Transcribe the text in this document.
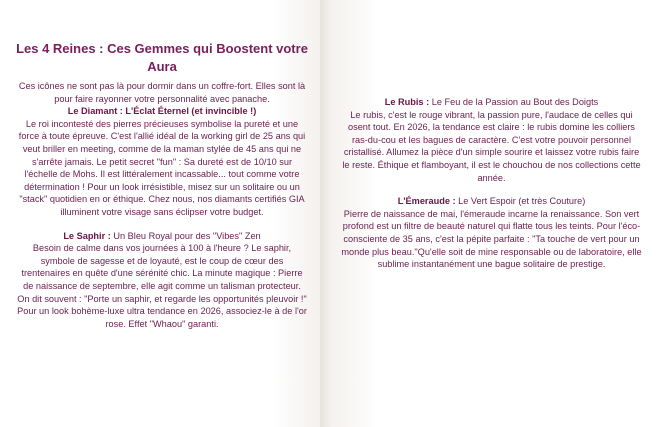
Les 4 Reines : Ces Gemmes qui Boostent votre Aura

Ces icônes ne sont pas là pour dormir dans un coffre-fort. Elles sont là pour faire rayonner votre personnalité avec panache.

Le Diamant : L'Éclat Éternel (et invincible !)

Le roi incontesté des pierres précieuses symbolise la pureté et une force à toute épreuve. C'est l'allié idéal de la working girl de 25 ans qui veut briller en meeting, comme de la maman stylée de 45 ans qui ne s'arrête jamais. Le petit secret "fun" : Sa dureté est de 10/10 sur l'échelle de Mohs. Il est littéralement incassable... tout comme votre détermination ! Pour un look irrésistible, misez sur un solitaire ou un "stack" quotidien en or éthique. Chez nous, nos diamants certifiés GIA illuminent votre visage sans éclipser votre budget.

Le Saphir : Un Bleu Royal pour des "Vibes" Zen

Besoin de calme dans vos journées à 100 à l'heure ? Le saphir, symbole de sagesse et de loyauté, est le coup de cœur des trentenaires en quête d'une sérénité chic. La minute magique : Pierre de naissance de septembre, elle agit comme un talisman protecteur. On dit souvent : "Porte un saphir, et regarde les opportunités pleuvoir !" Pour un look bohème-luxe ultra tendance en 2026, associez-le à de l'or rose. Effet "Whaou" garanti.

Le Rubis : Le Feu de la Passion au Bout des Doigts

Le rubis, c'est le rouge vibrant, la passion pure, l'audace de celles qui osent tout. En 2026, la tendance est claire : le rubis domine les colliers ras-du-cou et les bagues de caractère. C'est votre pouvoir personnel cristallisé. Allumez la pièce d'un simple sourire et laissez votre rubis faire le reste. Éthique et flamboyant, il est le chouchou de nos collections cette année.

L'Émeraude : Le Vert Espoir (et très Couture)

Pierre de naissance de mai, l'émeraude incarne la renaissance. Son vert profond est un filtre de beauté naturel qui flatte tous les teints. Pour l'éco-consciente de 35 ans, c'est la pépite parfaite : "Ta touche de vert pour un monde plus beau."Qu'elle soit de mine responsable ou de laboratoire, elle sublime instantanément une bague solitaire de prestige.
